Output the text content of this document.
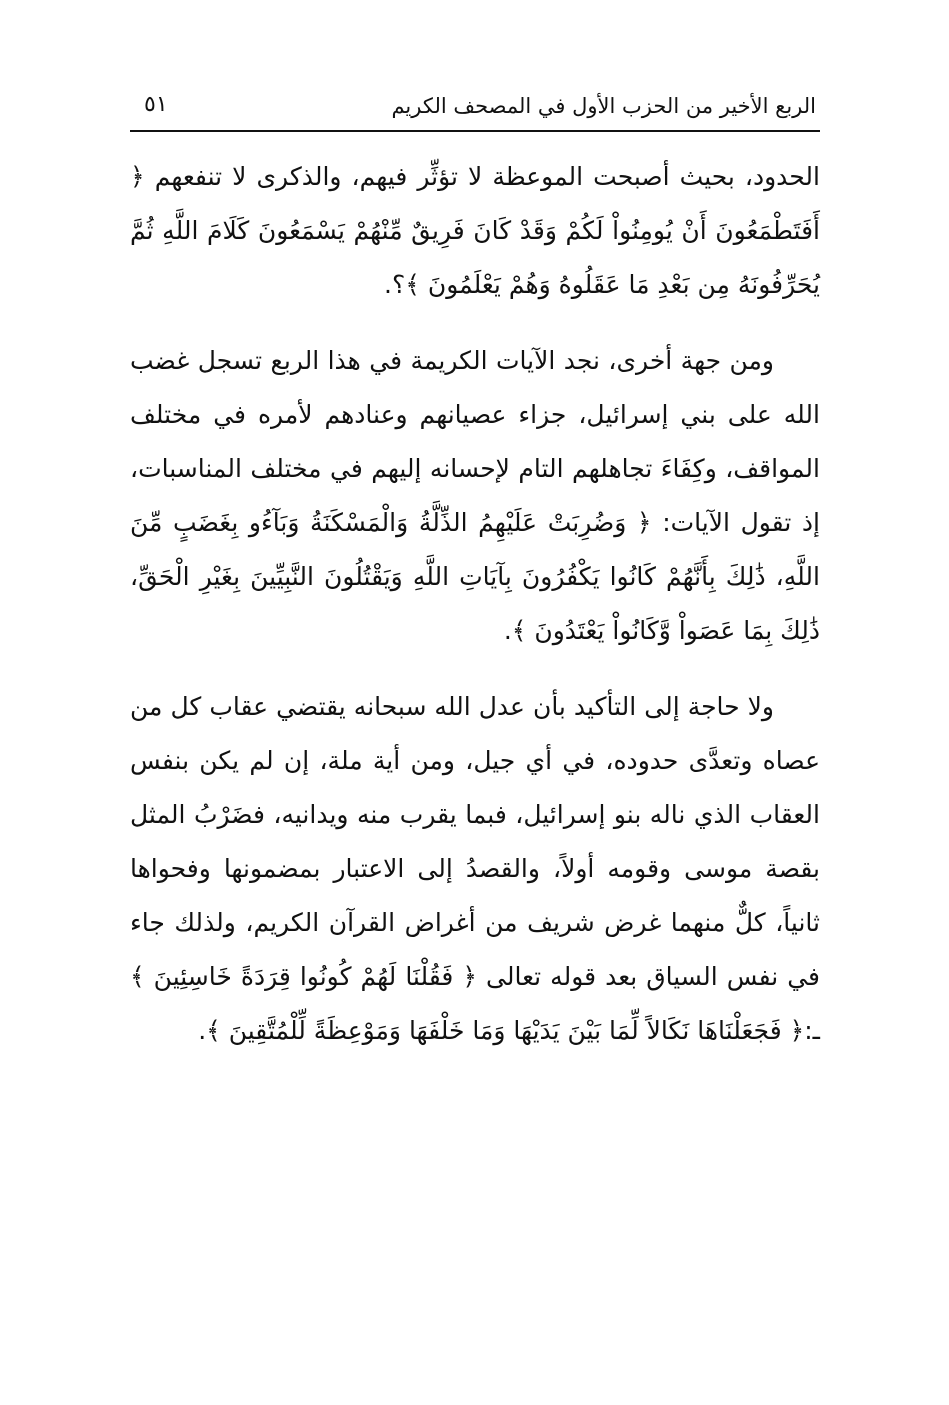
الربع الأخير من الحزب الأول في المصحف الكريم
٥١

الحدود، بحيث أصبحت الموعظة لا تؤثِّر فيهم، والذكرى لا تنفعهم ﴿ أَفَتَطْمَعُونَ أَنْ يُومِنُواْ لَكُمْ وَقَدْ كَانَ فَرِيقٌ مِّنْهُمْ يَسْمَعُونَ كَلَامَ اللَّهِ ثُمَّ يُحَرِّفُونَهُ مِن بَعْدِ مَا عَقَلُوهُ وَهُمْ يَعْلَمُونَ ﴾؟.

ومن جهة أخرى، نجد الآيات الكريمة في هذا الربع تسجل غضب الله على بني إسرائيل، جزاء عصيانهم وعنادهم لأمره في مختلف المواقف، وكِفَاءَ تجاهلهم التام لإحسانه إليهم في مختلف المناسبات، إذ تقول الآيات: ﴿ وَضُرِبَتْ عَلَيْهِمُ الذِّلَّةُ وَالْمَسْكَنَةُ وَبَآءُو بِغَضَبٍ مِّنَ اللَّهِ، ذَٰلِكَ بِأَنَّهُمْ كَانُوا يَكْفُرُونَ بِآيَاتِ اللَّهِ وَيَقْتُلُونَ النَّبِيِّينَ بِغَيْرِ الْحَقِّ، ذَٰلِكَ بِمَا عَصَواْ وَّكَانُواْ يَعْتَدُونَ ﴾.

ولا حاجة إلى التأكيد بأن عدل الله سبحانه يقتضي عقاب كل من عصاه وتعدَّى حدوده، في أي جيل، ومن أية ملة، إن لم يكن بنفس العقاب الذي ناله بنو إسرائيل، فبما يقرب منه ويدانيه، فضَرْبُ المثل بقصة موسى وقومه أولاً، والقصدُ إلى الاعتبار بمضمونها وفحواها ثانياً، كلٌّ منهما غرض شريف من أغراض القرآن الكريم، ولذلك جاء في نفس السياق بعد قوله تعالى ﴿ فَقُلْنَا لَهُمْ كُونُوا قِرَدَةً خَاسِئِينَ ﴾ـ:﴿ فَجَعَلْنَاهَا نَكَالاً لِّمَا بَيْنَ يَدَيْهَا وَمَا خَلْفَهَا وَمَوْعِظَةً لِّلْمُتَّقِينَ ﴾.
